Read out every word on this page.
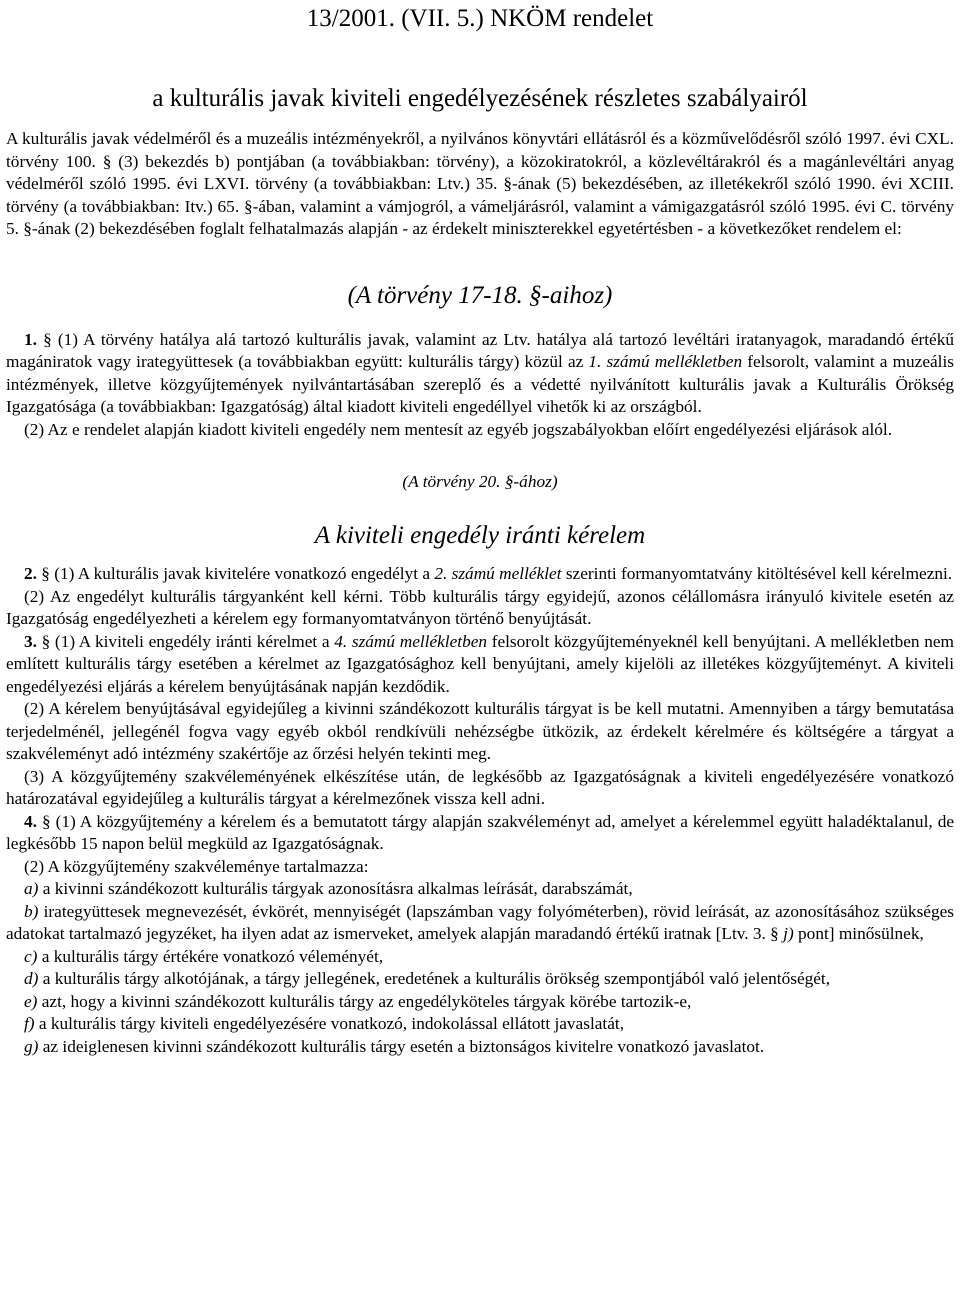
13/2001. (VII. 5.) NKÖM rendelet
a kulturális javak kiviteli engedélyezésének részletes szabályairól

A kulturális javak védelméről és a muzeális intézményekről, a nyilvános könyvtári ellátásról és a közművelődésről szóló 1997. évi CXL. törvény 100. § (3) bekezdés b) pontjában (a továbbiakban: törvény), a közokiratokról, a közlevéltárakról és a magánlevéltári anyag védelméről szóló 1995. évi LXVI. törvény (a továbbiakban: Ltv.) 35. §-ának (5) bekezdésében, az illetékekről szóló 1990. évi XCIII. törvény (a továbbiakban: Itv.) 65. §-ában, valamint a vámjogról, a vámeljárásról, valamint a vámigazgatásról szóló 1995. évi C. törvény 5. §-ának (2) bekezdésében foglalt felhatalmazás alapján - az érdekelt miniszterekkel egyetértésben - a következőket rendelem el:

(A törvény 17-18. §-aihoz)

1. § (1) A törvény hatálya alá tartozó kulturális javak, valamint az Ltv. hatálya alá tartozó levéltári iratanyagok, maradandó értékű magániratok vagy irategyüttesek (a továbbiakban együtt: kulturális tárgy) közül az 1. számú mellékletben felsorolt, valamint a muzeális intézmények, illetve közgyűjtemények nyilvántartásában szereplő és a védetté nyilvánított kulturális javak a Kulturális Örökség Igazgatósága (a továbbiakban: Igazgatóság) által kiadott kiviteli engedéllyel vihetők ki az országból.

(2) Az e rendelet alapján kiadott kiviteli engedély nem mentesít az egyéb jogszabályokban előírt engedélyezési eljárások alól.

(A törvény 20. §-ához)
A kiviteli engedély iránti kérelem

2. § (1) A kulturális javak kivitelére vonatkozó engedélyt a 2. számú melléklet szerinti formanyomtatvány kitöltésével kell kérelmezni.

(2) Az engedélyt kulturális tárgyanként kell kérni. Több kulturális tárgy egyidejű, azonos célállomásra irányuló kivitele esetén az Igazgatóság engedélyezheti a kérelem egy formanyomtatványon történő benyújtását.

3. § (1) A kiviteli engedély iránti kérelmet a 4. számú mellékletben felsorolt közgyűjteményeknél kell benyújtani. A mellékletben nem említett kulturális tárgy esetében a kérelmet az Igazgatósághoz kell benyújtani, amely kijelöli az illetékes közgyűjteményt. A kiviteli engedélyezési eljárás a kérelem benyújtásának napján kezdődik.

(2) A kérelem benyújtásával egyidejűleg a kivinni szándékozott kulturális tárgyat is be kell mutatni. Amennyiben a tárgy bemutatása terjedelménél, jellegénél fogva vagy egyéb okból rendkívüli nehézségbe ütközik, az érdekelt kérelmére és költségére a tárgyat a szakvéleményt adó intézmény szakértője az őrzési helyén tekinti meg.

(3) A közgyűjtemény szakvéleményének elkészítése után, de legkésőbb az Igazgatóságnak a kiviteli engedélyezésére vonatkozó határozatával egyidejűleg a kulturális tárgyat a kérelmezőnek vissza kell adni.

4. § (1) A közgyűjtemény a kérelem és a bemutatott tárgy alapján szakvéleményt ad, amelyet a kérelemmel együtt haladéktalanul, de legkésőbb 15 napon belül megküld az Igazgatóságnak.

(2) A közgyűjtemény szakvéleménye tartalmazza:

a) a kivinni szándékozott kulturális tárgyak azonosításra alkalmas leírását, darabszámát,

b) irategyüttesek megnevezését, évkörét, mennyiségét (lapszámban vagy folyóméterben), rövid leírását, az azonosításához szükséges adatokat tartalmazó jegyzéket, ha ilyen adat az ismerveket, amelyek alapján maradandó értékű iratnak [Ltv. 3. § j) pont] minősülnek,

c) a kulturális tárgy értékére vonatkozó véleményét,

d) a kulturális tárgy alkotójának, a tárgy jellegének, eredetének a kulturális örökség szempontjából való jelentőségét,

e) azt, hogy a kivinni szándékozott kulturális tárgy az engedélyköteles tárgyak körébe tartozik-e,

f) a kulturális tárgy kiviteli engedélyezésére vonatkozó, indokolással ellátott javaslatát,

g) az ideiglenesen kivinni szándékozott kulturális tárgy esetén a biztonságos kivitelre vonatkozó javaslatot.
